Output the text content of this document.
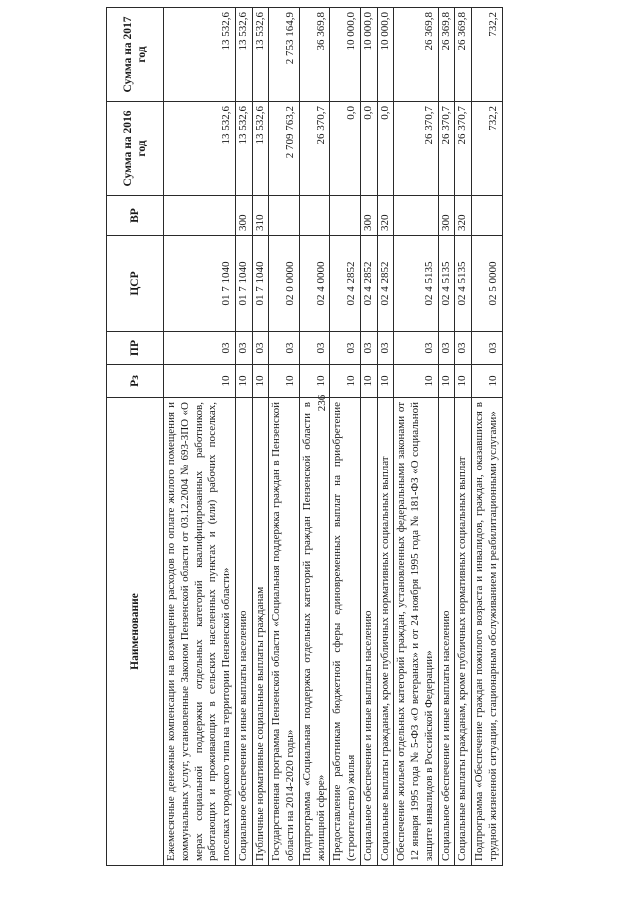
236
Наименование	Рз	ПР	ЦСР	ВР	Сумма на 2016 год	Сумма на 2017 год
Ежемесячные денежные компенсации на возмещение расходов по оплате жилого помещения и коммунальных услуг, установленные Законом Пензенской области от 03.12.2004 № 693-ЗПО «О мерах социальной поддержки отдельных категорий квалифицированных работников, работающих и проживающих в сельских населенных пунктах и (или) рабочих поселках, поселках городского типа на территории Пензенской области»	10	03	01 7 1040		13 532,6	13 532,6
Социальное обеспечение и иные выплаты населению	10	03	01 7 1040	300	13 532,6	13 532,6
Публичные нормативные социальные выплаты гражданам	10	03	01 7 1040	310	13 532,6	13 532,6
Государственная программа Пензенской области «Социальная поддержка граждан в Пензенской области на 2014-2020 годы»	10	03	02 0 0000		2 709 763,2	2 753 164,9
Подпрограмма «Социальная поддержка отдельных категорий граждан Пензенской области в жилищной сфере»	10	03	02 4 0000		26 370,7	36 369,8
Предоставление работникам бюджетной сферы единовременных выплат на приобретение (строительство) жилья	10	03	02 4 2852		0,0	10 000,0
Социальное обеспечение и иные выплаты населению	10	03	02 4 2852	300	0,0	10 000,0
Социальные выплаты гражданам, кроме публичных нормативных социальных выплат	10	03	02 4 2852	320	0,0	10 000,0
Обеспечение жильем отдельных категорий граждан, установленных федеральными законами от 12 января 1995 года № 5-ФЗ «О ветеранах» и от 24 ноября 1995 года № 181-ФЗ «О социальной защите инвалидов в Российской Федерации»	10	03	02 4 5135		26 370,7	26 369,8
Социальное обеспечение и иные выплаты населению	10	03	02 4 5135	300	26 370,7	26 369,8
Социальные выплаты гражданам, кроме публичных нормативных социальных выплат	10	03	02 4 5135	320	26 370,7	26 369,8
Подпрограмма «Обеспечение граждан пожилого возраста и инвалидов, граждан, оказавшихся в трудной жизненной ситуации, стационарным обслуживанием и реабилитационными услугами»	10	03	02 5 0000		732,2	732,2
